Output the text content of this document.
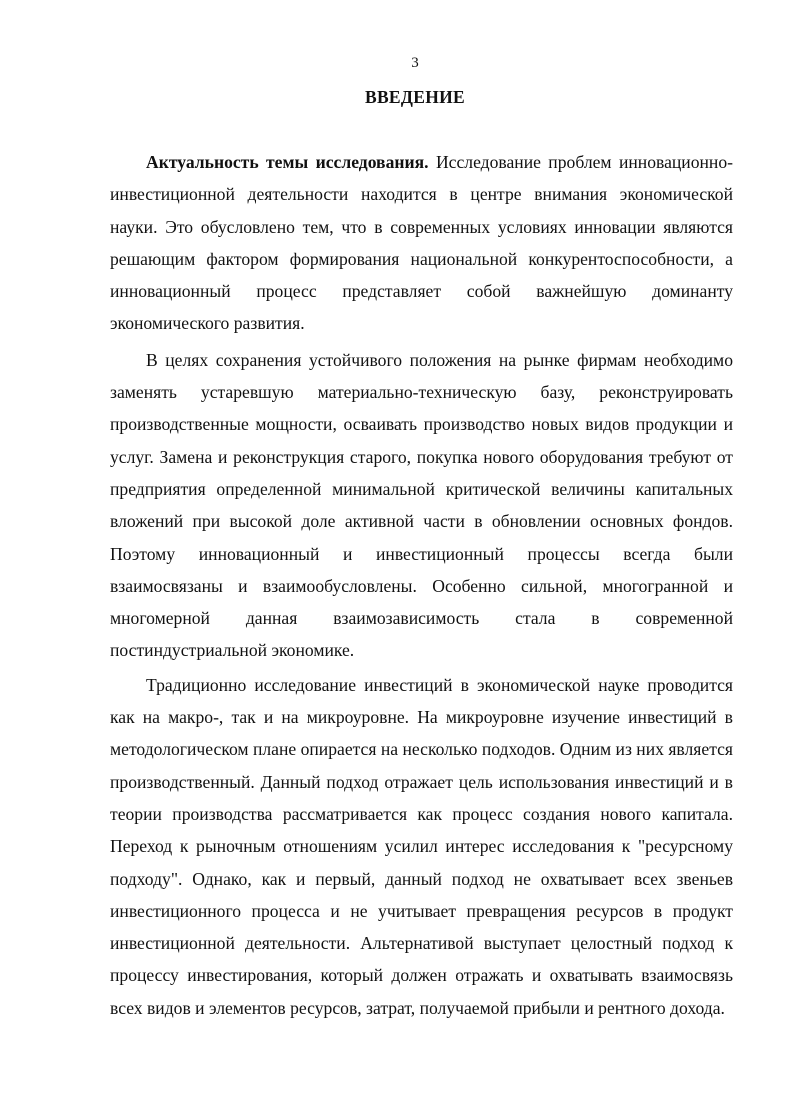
3
ВВЕДЕНИЕ

Актуальность темы исследования. Исследование проблем инновационно-инвестиционной деятельности находится в центре внимания экономической науки. Это обусловлено тем, что в современных условиях инновации являются решающим фактором формирования национальной конкурентоспособности, а инновационный процесс представляет собой важнейшую доминанту экономического развития.

В целях сохранения устойчивого положения на рынке фирмам необходимо заменять устаревшую материально-техническую базу, реконструировать производственные мощности, осваивать производство новых видов продукции и услуг. Замена и реконструкция старого, покупка нового оборудования требуют от предприятия определенной минимальной критической величины капитальных вложений при высокой доле активной части в обновлении основных фондов. Поэтому инновационный и инвестиционный процессы всегда были взаимосвязаны и взаимообусловлены. Особенно сильной, многогранной и многомерной данная взаимозависимость стала в современной постиндустриальной экономике.

Традиционно исследование инвестиций в экономической науке проводится как на макро-, так и на микроуровне. На микроуровне изучение инвестиций в методологическом плане опирается на несколько подходов. Одним из них является производственный. Данный подход отражает цель использования инвестиций и в теории производства рассматривается как процесс создания нового капитала. Переход к рыночным отношениям усилил интерес исследования к "ресурсному подходу". Однако, как и первый, данный подход не охватывает всех звеньев инвестиционного процесса и не учитывает превращения ресурсов в продукт инвестиционной деятельности. Альтернативой выступает целостный подход к процессу инвестирования, который должен отражать и охватывать взаимосвязь всех видов и элементов ресурсов, затрат, получаемой прибыли и рентного дохода.
